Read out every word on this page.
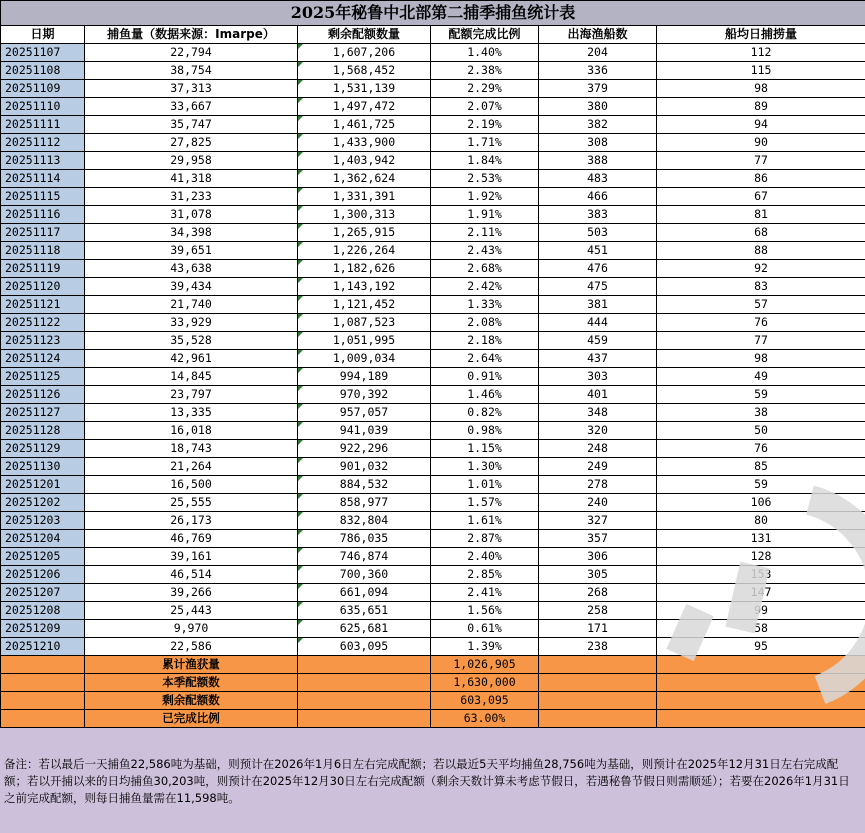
2025年秘鲁中北部第二捕季捕鱼统计表					
日期	捕鱼量（数据来源：Imarpe）	剩余配额数量	配额完成比例	出海渔船数	船均日捕捞量
20251107	22,794	1,607,206	1.40%	204	112
20251108	38,754	1,568,452	2.38%	336	115
20251109	37,313	1,531,139	2.29%	379	98
20251110	33,667	1,497,472	2.07%	380	89
20251111	35,747	1,461,725	2.19%	382	94
20251112	27,825	1,433,900	1.71%	308	90
20251113	29,958	1,403,942	1.84%	388	77
20251114	41,318	1,362,624	2.53%	483	86
20251115	31,233	1,331,391	1.92%	466	67
20251116	31,078	1,300,313	1.91%	383	81
20251117	34,398	1,265,915	2.11%	503	68
20251118	39,651	1,226,264	2.43%	451	88
20251119	43,638	1,182,626	2.68%	476	92
20251120	39,434	1,143,192	2.42%	475	83
20251121	21,740	1,121,452	1.33%	381	57
20251122	33,929	1,087,523	2.08%	444	76
20251123	35,528	1,051,995	2.18%	459	77
20251124	42,961	1,009,034	2.64%	437	98
20251125	14,845	994,189	0.91%	303	49
20251126	23,797	970,392	1.46%	401	59
20251127	13,335	957,057	0.82%	348	38
20251128	16,018	941,039	0.98%	320	50
20251129	18,743	922,296	1.15%	248	76
20251130	21,264	901,032	1.30%	249	85
20251201	16,500	884,532	1.01%	278	59
20251202	25,555	858,977	1.57%	240	106
20251203	26,173	832,804	1.61%	327	80
20251204	46,769	786,035	2.87%	357	131
20251205	39,161	746,874	2.40%	306	128
20251206	46,514	700,360	2.85%	305	153
20251207	39,266	661,094	2.41%	268	147
20251208	25,443	635,651	1.56%	258	99
20251209	9,970	625,681	0.61%	171	58
20251210	22,586	603,095	1.39%	238	95
	累计渔获量		1,026,905		
	本季配额数		1,630,000		
	剩余配额数		603,095		
	已完成比例		63.00%		
备注：若以最后一天捕鱼22,586吨为基础，则预计在2026年1月6日左右完成配额；若以最近5天平均捕鱼28,756吨为基础，则预计在2025年12月31日左右完成配额；若以开捕以来的日均捕鱼30,203吨，则预计在2025年12月30日左右完成配额（剩余天数计算未考虑节假日，若遇秘鲁节假日则需顺延）；若要在2026年1月31日之前完成配额，则每日捕鱼量需在11,598吨。
